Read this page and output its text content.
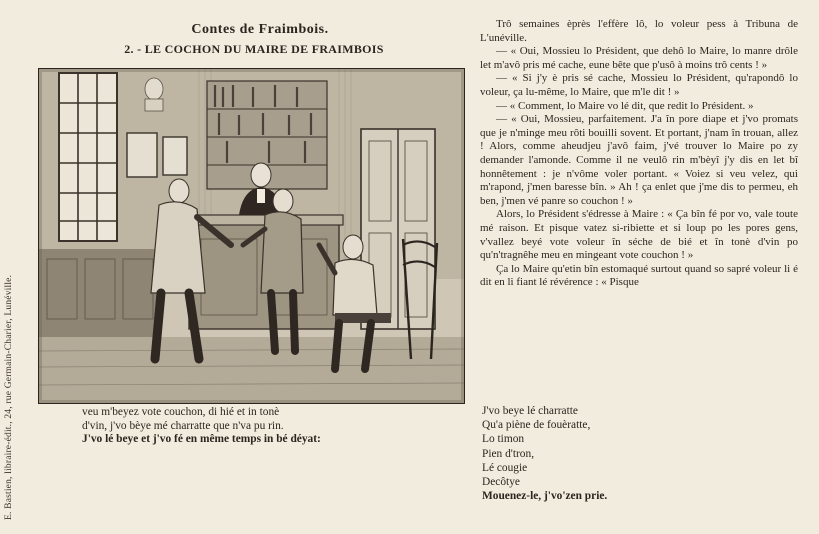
E. Bastien, libraire-édit., 24, rue Germain-Charier, Lunéville.
Contes de Fraimbois.
2. - LE COCHON DU MAIRE DE FRAIMBOIS
veu m'beyez vote couchon, di hié et in tonè
d'vin, j'vo bèye mé charratte que n'va pu rin.
J'vo lé beye et j'vo fé en même temps in bé déyat:

Trô semaines èprès l'effère lô, lo voleur pess à Tribuna de L'unéville.

— « Oui, Mossieu lo Président, que dehô lo Maire, lo manre drôle let m'avô pris mé cache, eune bête que p'usô à moins trô cents ! »

— « Si j'y è pris sé cache, Mossieu lo Président, qu'rapondô lo voleur, ça lu-même, lo Maire, que m'le dit ! »

— « Comment, lo Maire vo lé dit, que redit lo Président. »

— « Oui, Mossieu, parfaitement. J'a în pore diape et j'vo promats que je n'minge meu rôti bouilli sovent. Et portant, j'nam în trouan, allez ! Alors, comme aheudjeu j'avô faim, j'vé trouver lo Maire po zy demander l'amonde. Comme il ne veulô rin m'bèyî j'y dis en let bî honnêtement : je n'vôme voler portant. « Voiez si veu velez, qui m'rapond, j'men baresse bîn. » Ah ! ça enlet que j'me dis to permeu, eh ben, j'men vé panre so couchon ! »

Alors, lo Président s'édresse à Maire : « Ça bîn fé por vo, vale toute mé raison. Et pisque vatez si-ribiette et si loup po les pores gens, v'vallez beyé vote voleur în séche de bié et în tonè d'vin po qu'n'tragnêhe meu en mingeant vote couchon ! »

Ça lo Maire qu'etin bîn estomaqué surtout quand so sapré voleur li é dit en li fiant lé révérence : « Pisque

J'vo beye lé charratte
Qu'a piène de fouèratte,
Lo timon
Pien d'tron,
Lé cougie
Decôtye
Mouenez-le, j'vo'zen prie.
